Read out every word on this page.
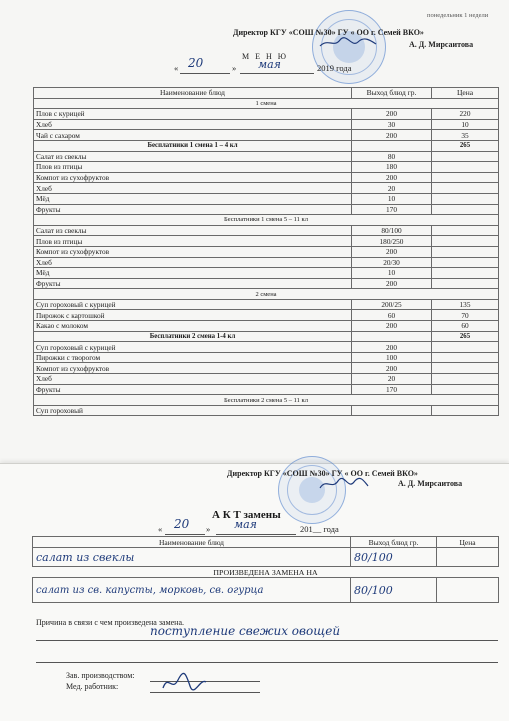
понедельник 1 недели
Директор КГУ «СОШ №30» ГУ « ОО г. Семей ВКО»
А. Д. Мирсаитова
М Е Н Ю
« 20	» мая	2019 года
Наименование блюд	Выход блюд гр.	Цена
1 смена		
Плов с курицей	200	220
Хлеб	30	10
Чай с сахаром	200	35
Бесплатники 1 смена 1 – 4 кл		265
Салат из свеклы	80	
Плов из птицы	180	
Компот из сухофруктов	200	
Хлеб	20	
Мёд	10	
Фрукты	170	
Бесплатники 1 смена 5 – 11 кл		
Салат из свеклы	80/100	
Плов из птицы	180/250	
Компот из сухофруктов	200	
Хлеб	20/30	
Мёд	10	
Фрукты	200	
2 смена		
Суп гороховый с курицей	200/25	135
Пирожок с картошкой	60	70
Какао с молоком	200	60
Бесплатники 2 смена 1-4 кл		265
Суп гороховый с курицей	200	
Пирожки с творогом	100	
Компот из сухофруктов	200	
Хлеб	20	
Фрукты	170	
Бесплатники 2 смена 5 – 11 кл		
Суп гороховый		
Директор КГУ «СОШ №30» ГУ « ОО г. Семей ВКО»
А. Д. Мирсаитова
А К Т замены
« 20 » мая	201__ года
Наименование блюд	Выход блюд гр.	Цена
салат из свеклы	80/100	
ПРОИЗВЕДЕНА ЗАМЕНА НА		
салат из св. капусты, морковь, св. огурца	80/100	
Причина в связи с чем произведена замена.
поступление свежих овощей
Зав. производством:
Мед. работник:
